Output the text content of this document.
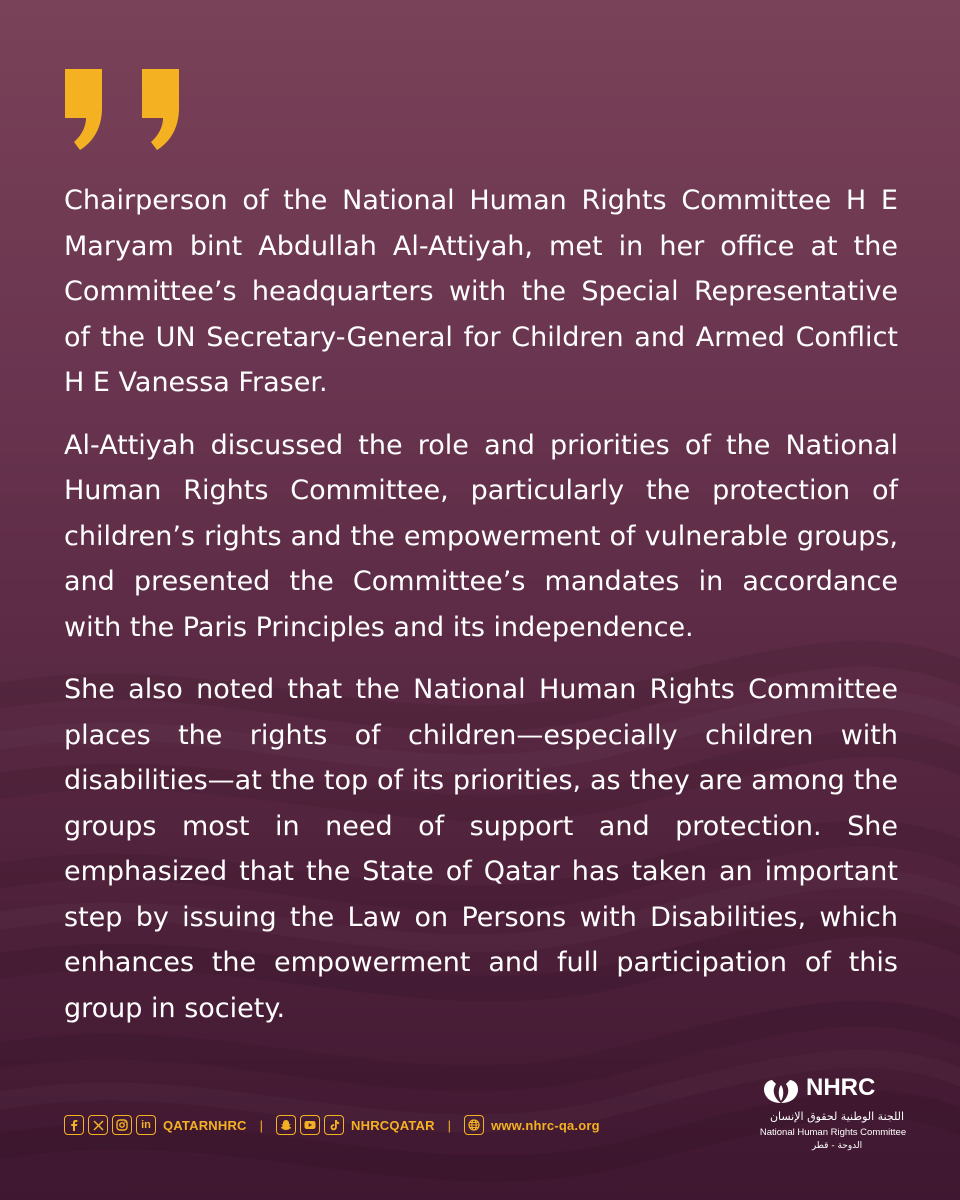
Chairperson of the National Human Rights Committee H E Maryam bint Abdullah Al-Attiyah, met in her office at the Committee’s headquarters with the Special Representative of the UN Secretary-General for Children and Armed Conflict H E Vanessa Fraser.

Al-Attiyah discussed the role and priorities of the National Human Rights Committee, particularly the protection of children’s rights and the empowerment of vulnerable groups, and presented the Committee’s mandates in accordance with the Paris Principles and its independence.

She also noted that the National Human Rights Committee places the rights of children—especially children with disabilities—at the top of its priorities, as they are among the groups most in need of support and protection. She emphasized that the State of Qatar has taken an important step by issuing the Law on Persons with Disabilities, which enhances the empowerment and full participation of this group in society.

in QATARNHRC |	NHRCQATAR |	www.nhrc-qa.org
NHRC
اللجنة الوطنية لحقوق الإنسان
National Human Rights Committee
الدوحة - قطر
